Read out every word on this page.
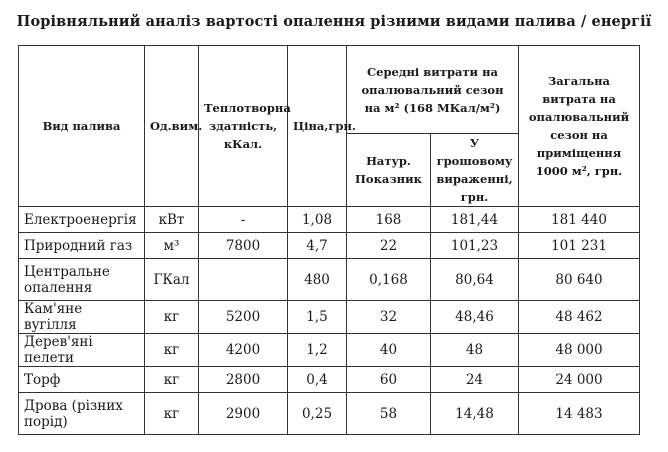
Порівняльний аналіз вартості опалення різними видами палива / енергії
Вид палива	Од.вим.	Теплотворна здатність, кКал.	Ціна,грн.	Середні витрати на опалювальний сезон на м² (168 МКал/м²)		Загальна витрата на опалювальний сезон на приміщення 1000 м², грн.
				Натур. Показник	У грошовому вираженні, грн.	
Електроенергія	кВт	-	1,08	168	181,44	181 440
Природний газ	м³	7800	4,7	22	101,23	101 231
Центральне опалення	ГКал		480	0,168	80,64	80 640
Кам'яне вугілля	кг	5200	1,5	32	48,46	48 462
Дерев'яні пелети	кг	4200	1,2	40	48	48 000
Торф	кг	2800	0,4	60	24	24 000
Дрова (різних порід)	кг	2900	0,25	58	14,48	14 483
